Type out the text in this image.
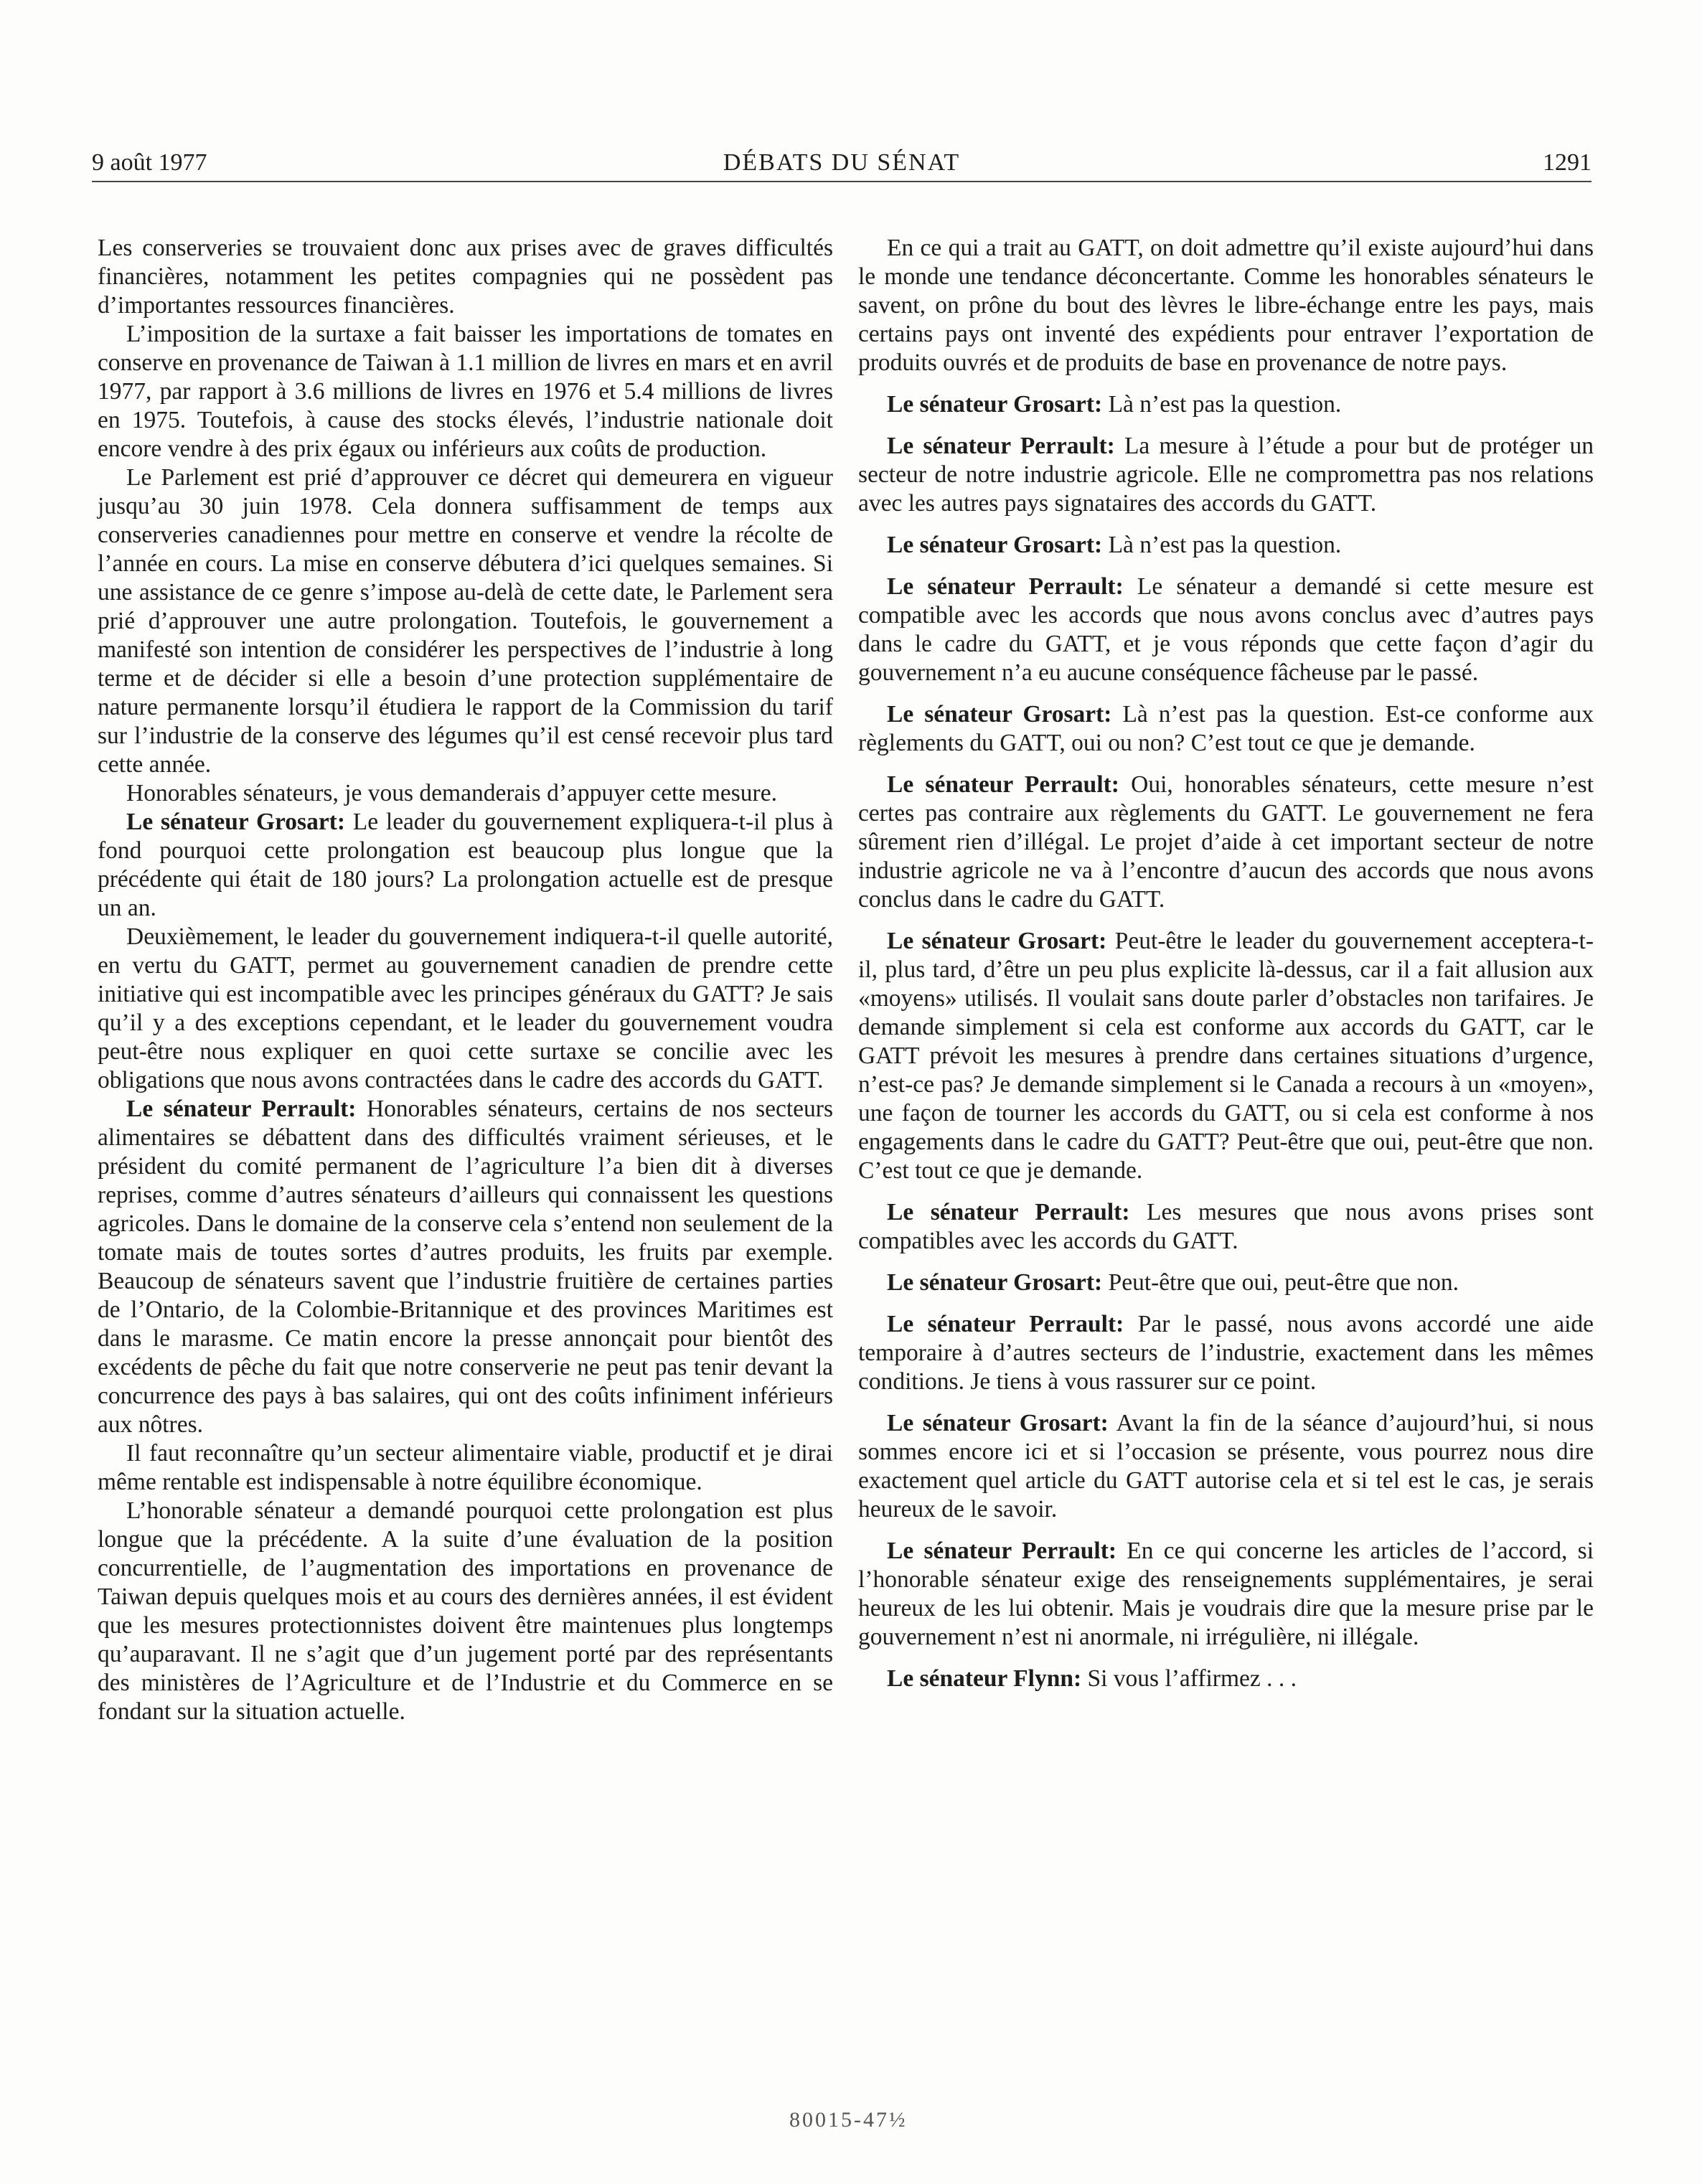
9 août 1977	DÉBATS DU SÉNAT	1291

Les conserveries se trouvaient donc aux prises avec de graves difficultés financières, notamment les petites compagnies qui ne possèdent pas d’importantes ressources financières.

L’imposition de la surtaxe a fait baisser les importations de tomates en conserve en provenance de Taiwan à 1.1 million de livres en mars et en avril 1977, par rapport à 3.6 millions de livres en 1976 et 5.4 millions de livres en 1975. Toutefois, à cause des stocks élevés, l’industrie nationale doit encore vendre à des prix égaux ou inférieurs aux coûts de production.

Le Parlement est prié d’approuver ce décret qui demeurera en vigueur jusqu’au 30 juin 1978. Cela donnera suffisamment de temps aux conserveries canadiennes pour mettre en conserve et vendre la récolte de l’année en cours. La mise en conserve débutera d’ici quelques semaines. Si une assistance de ce genre s’impose au-delà de cette date, le Parlement sera prié d’approuver une autre prolongation. Toutefois, le gouvernement a manifesté son intention de considérer les perspectives de l’industrie à long terme et de décider si elle a besoin d’une protection supplémentaire de nature permanente lorsqu’il étudiera le rapport de la Commission du tarif sur l’industrie de la conserve des légumes qu’il est censé recevoir plus tard cette année.

Honorables sénateurs, je vous demanderais d’appuyer cette mesure.

Le sénateur Grosart: Le leader du gouvernement expliquera-t-il plus à fond pourquoi cette prolongation est beaucoup plus longue que la précédente qui était de 180 jours? La prolongation actuelle est de presque un an.

Deuxièmement, le leader du gouvernement indiquera-t-il quelle autorité, en vertu du GATT, permet au gouvernement canadien de prendre cette initiative qui est incompatible avec les principes généraux du GATT? Je sais qu’il y a des exceptions cependant, et le leader du gouvernement voudra peut-être nous expliquer en quoi cette surtaxe se concilie avec les obligations que nous avons contractées dans le cadre des accords du GATT.

Le sénateur Perrault: Honorables sénateurs, certains de nos secteurs alimentaires se débattent dans des difficultés vraiment sérieuses, et le président du comité permanent de l’agriculture l’a bien dit à diverses reprises, comme d’autres sénateurs d’ailleurs qui connaissent les questions agricoles. Dans le domaine de la conserve cela s’entend non seulement de la tomate mais de toutes sortes d’autres produits, les fruits par exemple. Beaucoup de sénateurs savent que l’industrie fruitière de certaines parties de l’Ontario, de la Colombie-Britannique et des provinces Maritimes est dans le marasme. Ce matin encore la presse annonçait pour bientôt des excédents de pêche du fait que notre conserverie ne peut pas tenir devant la concurrence des pays à bas salaires, qui ont des coûts infiniment inférieurs aux nôtres.

Il faut reconnaître qu’un secteur alimentaire viable, productif et je dirai même rentable est indispensable à notre équilibre économique.

L’honorable sénateur a demandé pourquoi cette prolongation est plus longue que la précédente. A la suite d’une évaluation de la position concurrentielle, de l’augmentation des importations en provenance de Taiwan depuis quelques mois et au cours des dernières années, il est évident que les mesures protectionnistes doivent être maintenues plus longtemps qu’auparavant. Il ne s’agit que d’un jugement porté par des représentants des ministères de l’Agriculture et de l’Industrie et du Commerce en se fondant sur la situation actuelle.

En ce qui a trait au GATT, on doit admettre qu’il existe aujourd’hui dans le monde une tendance déconcertante. Comme les honorables sénateurs le savent, on prône du bout des lèvres le libre-échange entre les pays, mais certains pays ont inventé des expédients pour entraver l’exportation de produits ouvrés et de produits de base en provenance de notre pays.

Le sénateur Grosart: Là n’est pas la question.

Le sénateur Perrault: La mesure à l’étude a pour but de protéger un secteur de notre industrie agricole. Elle ne compromettra pas nos relations avec les autres pays signataires des accords du GATT.

Le sénateur Grosart: Là n’est pas la question.

Le sénateur Perrault: Le sénateur a demandé si cette mesure est compatible avec les accords que nous avons conclus avec d’autres pays dans le cadre du GATT, et je vous réponds que cette façon d’agir du gouvernement n’a eu aucune conséquence fâcheuse par le passé.

Le sénateur Grosart: Là n’est pas la question. Est-ce conforme aux règlements du GATT, oui ou non? C’est tout ce que je demande.

Le sénateur Perrault: Oui, honorables sénateurs, cette mesure n’est certes pas contraire aux règlements du GATT. Le gouvernement ne fera sûrement rien d’illégal. Le projet d’aide à cet important secteur de notre industrie agricole ne va à l’encontre d’aucun des accords que nous avons conclus dans le cadre du GATT.

Le sénateur Grosart: Peut-être le leader du gouvernement acceptera-t-il, plus tard, d’être un peu plus explicite là-dessus, car il a fait allusion aux «moyens» utilisés. Il voulait sans doute parler d’obstacles non tarifaires. Je demande simplement si cela est conforme aux accords du GATT, car le GATT prévoit les mesures à prendre dans certaines situations d’urgence, n’est-ce pas? Je demande simplement si le Canada a recours à un «moyen», une façon de tourner les accords du GATT, ou si cela est conforme à nos engagements dans le cadre du GATT? Peut-être que oui, peut-être que non. C’est tout ce que je demande.

Le sénateur Perrault: Les mesures que nous avons prises sont compatibles avec les accords du GATT.

Le sénateur Grosart: Peut-être que oui, peut-être que non.

Le sénateur Perrault: Par le passé, nous avons accordé une aide temporaire à d’autres secteurs de l’industrie, exactement dans les mêmes conditions. Je tiens à vous rassurer sur ce point.

Le sénateur Grosart: Avant la fin de la séance d’aujourd’hui, si nous sommes encore ici et si l’occasion se présente, vous pourrez nous dire exactement quel article du GATT autorise cela et si tel est le cas, je serais heureux de le savoir.

Le sénateur Perrault: En ce qui concerne les articles de l’accord, si l’honorable sénateur exige des renseignements supplémentaires, je serai heureux de les lui obtenir. Mais je voudrais dire que la mesure prise par le gouvernement n’est ni anormale, ni irrégulière, ni illégale.

Le sénateur Flynn: Si vous l’affirmez . . .

80015-47½
